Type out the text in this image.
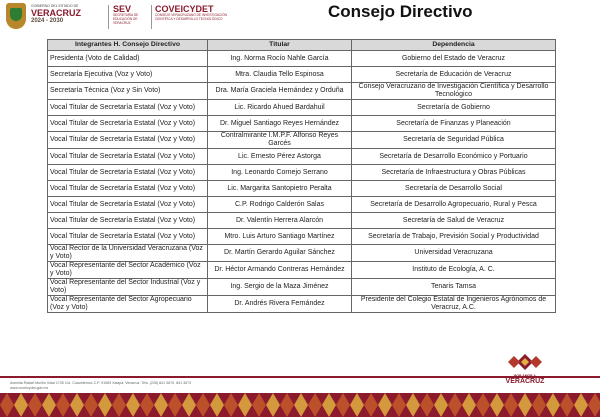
GOBIERNO DEL ESTADO DE
VERACRUZ
2024 - 2030
SEV
SECRETARÍA DE EDUCACIÓN DE VERACRUZ
COVEICYDET
CONSEJO VERACRUZANO DE INVESTIGACIÓN CIENTÍFICA Y DESARROLLO TECNOLÓGICO	Consejo Directivo
Integrantes H. Consejo Directivo	Titular	Dependencia
Presidenta (Voto de Calidad)	Ing. Norma Rocío Nahle García	Gobierno del Estado de Veracruz
Secretaría Ejecutiva (Voz y Voto)	Mtra. Claudia Tello Espinosa	Secretaría de Educación de Veracruz
Secretaría Técnica (Voz y Sin Voto)	Dra. María Graciela Hernández y Orduña	Consejo Veracruzano de Investigación Científica y Desarrollo Tecnológico
Vocal Titular de Secretaría Estatal (Voz y Voto)	Lic. Ricardo Ahued Bardahuil	Secretaría de Gobierno
Vocal Titular de Secretaría Estatal (Voz y Voto)	Dr. Miguel Santiago Reyes Hernández	Secretaría de Finanzas y Planeación
Vocal Titular de Secretaría Estatal (Voz y Voto)	Contralmirante I.M.P.F. Alfonso Reyes Garcés	Secretaría de Seguridad Pública
Vocal Titular de Secretaría Estatal (Voz y Voto)	Lic. Ernesto Pérez Astorga	Secretaría de Desarrollo Económico y Portuario
Vocal Titular de Secretaría Estatal (Voz y Voto)	Ing. Leonardo Cornejo Serrano	Secretaría de Infraestructura y Obras Públicas
Vocal Titular de Secretaría Estatal (Voz y Voto)	Lic. Margarita Santopietro Peralta	Secretaría de Desarrollo Social
Vocal Titular de Secretaría Estatal (Voz y Voto)	C.P. Rodrigo Calderón Salas	Secretaría de Desarrollo Agropecuario, Rural y Pesca
Vocal Titular de Secretaría Estatal (Voz y Voto)	Dr. Valentín Herrera Alarcón	Secretaría de Salud de Veracruz
Vocal Titular de Secretaría Estatal (Voz y Voto)	Mtro. Luis Arturo Santiago Martínez	Secretaría de Trabajo, Previsión Social y Productividad
Vocal Rector de la Universidad Veracruzana (Voz y Voto)	Dr. Martín Gerardo Aguilar Sánchez	Universidad Veracruzana
Vocal Representante del Sector Académico (Voz y Voto)	Dr. Héctor Armando Contreras Hernández	Instituto de Ecología, A. C.
Vocal Representante del Sector Industrial (Voz y Voto)	Ing. Sergio de la Maza Jiménez	Tenaris Tamsa
Vocal Representante del Sector Agropecuario (Voz y Voto)	Dr. Andrés Rivera Fernández	Presidente del Colegio Estatal de Ingenieros Agrónomos de Veracruz, A.C.
VERACRUZ
Avenida Rafael Murillo Vidal 1735 Col. Cuauhtémoc C.P. 91069 Xalapa, Veracruz. Tels. (228) 841 3670, 841 3673
www.coveicydet.gob.mx
